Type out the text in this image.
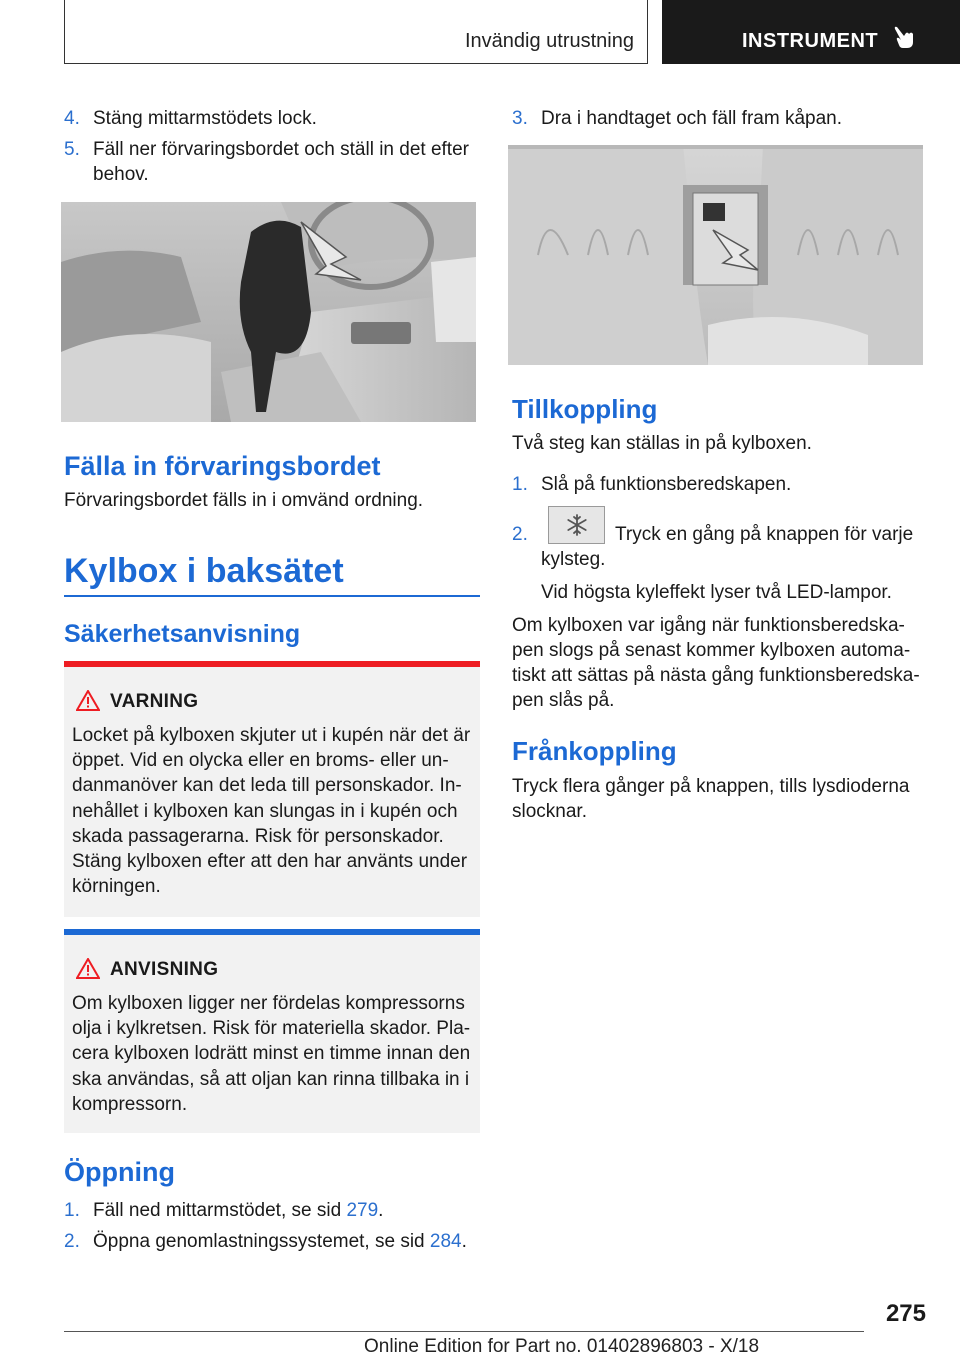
Invändig utrustning	INSTRUMENT
4. Stäng mittarmstödets lock.
5. Fäll ner förvaringsbordet och ställ in det efter behov.
Fälla in förvaringsbordet
Förvaringsbordet fälls in i omvänd ordning.
Kylbox i baksätet
Säkerhetsanvisning
VARNING
Locket på kylboxen skjuter ut i kupén när det är öppet. Vid en olycka eller en broms- eller un-danmanöver kan det leda till personskador. In-nehållet i kylboxen kan slungas in i kupén och skada passagerarna. Risk för personskador. Stäng kylboxen efter att den har använts under körningen.
ANVISNING
Om kylboxen ligger ner fördelas kompressorns olja i kylkretsen. Risk för materiella skador. Pla-cera kylboxen lodrätt minst en timme innan den ska användas, så att oljan kan rinna tillbaka in i kompressorn.
Öppning
1. Fäll ned mittarmstödet, se sid 279.
2. Öppna genomlastningssystemet, se sid 284.
3. Dra i handtaget och fäll fram kåpan.
Tillkoppling
Två steg kan ställas in på kylboxen.
1. Slå på funktionsberedskapen.
2.	Tryck en gång på knappen för varje kylsteg.
Vid högsta kyleffekt lyser två LED-lampor.
Om kylboxen var igång när funktionsberedska-pen slogs på senast kommer kylboxen automa-tiskt att sättas på nästa gång funktionsberedska-pen slås på.
Frånkoppling
Tryck flera gånger på knappen, tills lysdioderna slocknar.
275
Online Edition for Part no. 01402896803 - X/18
